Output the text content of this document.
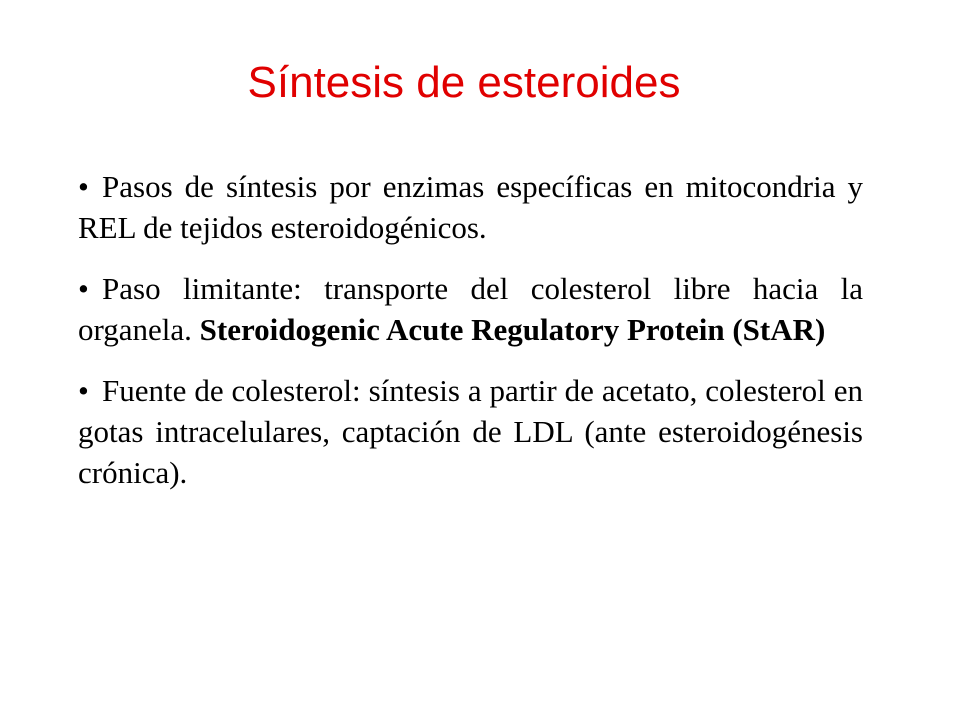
Síntesis de esteroides

• Pasos de síntesis por enzimas específicas en mitocondria y REL de tejidos esteroidogénicos.

• Paso limitante: transporte del colesterol libre hacia la organela. Steroidogenic Acute Regulatory Protein (StAR)

• Fuente de colesterol: síntesis a partir de acetato, colesterol en gotas intracelulares, captación de LDL (ante esteroidogénesis crónica).
